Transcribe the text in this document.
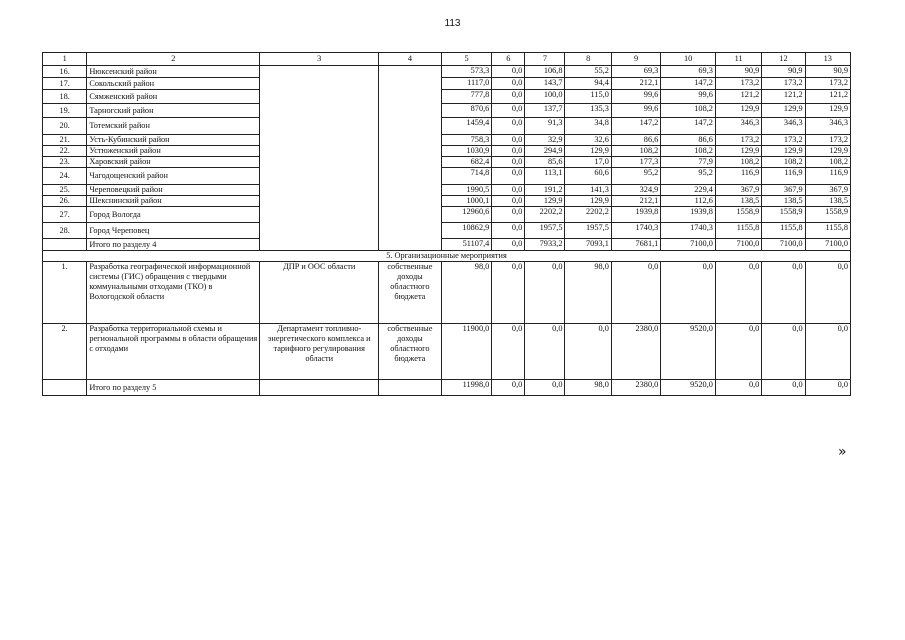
113
1	2	3	4	5	6	7	8	9	10	11	12	13
16.	Нюксенский район			573,3	0,0	106,8	55,2	69,3	69,3	90,9	90,9	90,9
17.	Сокольский район			1117,0	0,0	143,7	94,4	212,1	147,2	173,2	173,2	173,2
18.	Сямженский район			777,8	0,0	100,0	115,0	99,6	99,6	121,2	121,2	121,2
19.	Тарногский район			870,6	0,0	137,7	135,3	99,6	108,2	129,9	129,9	129,9
20.	Тотемский район			1459,4	0,0	91,3	34,8	147,2	147,2	346,3	346,3	346,3
21.	Усть-Кубинский район			758,3	0,0	32,9	32,6	86,6	86,6	173,2	173,2	173,2
22.	Устюженский район			1030,9	0,0	294,9	129,9	108,2	108,2	129,9	129,9	129,9
23.	Харовский район			682,4	0,0	85,6	17,0	177,3	77,9	108,2	108,2	108,2
24.	Чагодощенский район			714,8	0,0	113,1	60,6	95,2	95,2	116,9	116,9	116,9
25.	Череповецкий район			1990,5	0,0	191,2	141,3	324,9	229,4	367,9	367,9	367,9
26.	Шекснинский район			1000,1	0,0	129,9	129,9	212,1	112,6	138,5	138,5	138,5
27.	Город Вологда			12960,6	0,0	2202,2	2202,2	1939,8	1939,8	1558,9	1558,9	1558,9
28.	Город Череповец			10862,9	0,0	1957,5	1957,5	1740,3	1740,3	1155,8	1155,8	1155,8
	Итого по разделу 4			51107,4	0,0	7933,2	7093,1	7681,1	7100,0	7100,0	7100,0	7100,0
5. Организационные мероприятия												
1.	Разработка географической информационной системы (ГИС) обращения с твердыми коммунальными отходами (ТКО) в Вологодской области	ДПР и ООС области	собственные доходы областного бюджета	98,0	0,0	0,0	98,0	0,0	0,0	0,0	0,0	0,0
2.	Разработка территориальной схемы и региональной программы в области обращения с отходами	Департамент топливно-энергетического комплекса и тарифного регулирования области	собственные доходы областного бюджета	11900,0	0,0	0,0	0,0	2380,0	9520,0	0,0	0,0	0,0
	Итого по разделу 5			11998,0	0,0	0,0	98,0	2380,0	9520,0	0,0	0,0	0,0
»
